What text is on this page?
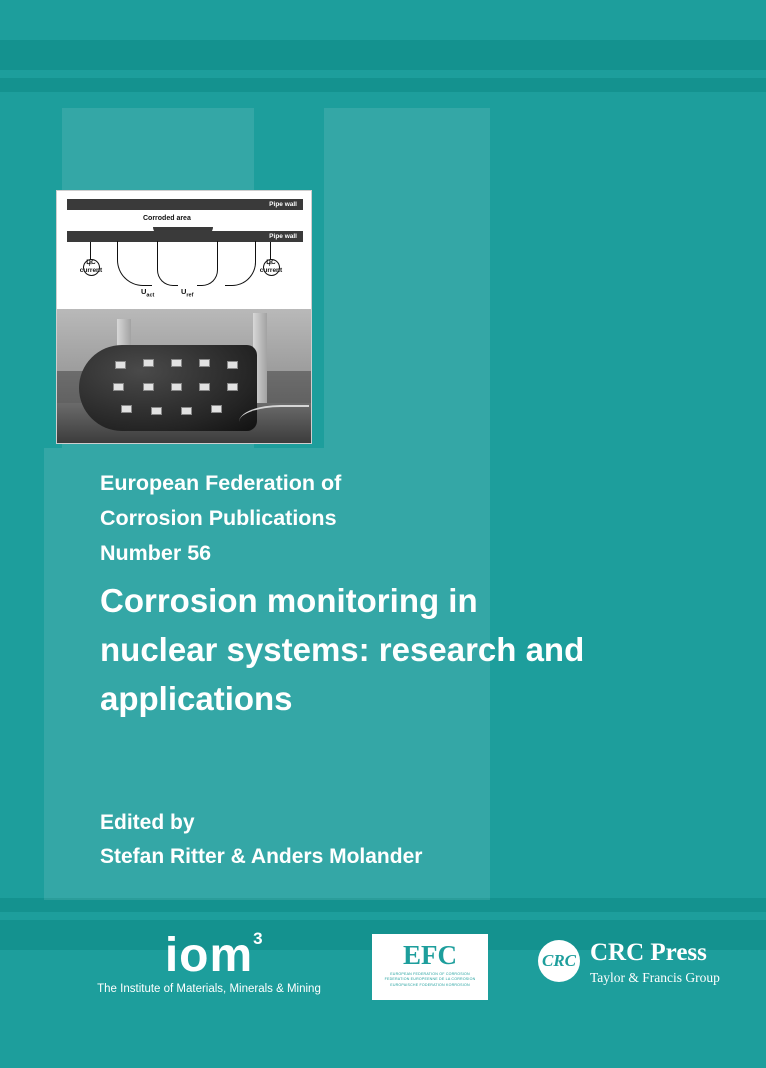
Pipe wall
Corroded area
Pipe wall
+
+
DC
current
DC
current
$U_{act}$	$U_{ref}$
European Federation of
Corrosion Publications
Number 56
Corrosion monitoring in
nuclear systems: research and
applications
Edited by
Stefan Ritter & Anders Molander
iom 3
The Institute of Materials, Minerals & Mining
EFC
EUROPEAN FEDERATION OF CORROSION
FEDERATION EUROPEENNE DE LA CORROSION
EUROPAISCHE FODERATION KORROSION
CRC CRC Press
Taylor & Francis Group
